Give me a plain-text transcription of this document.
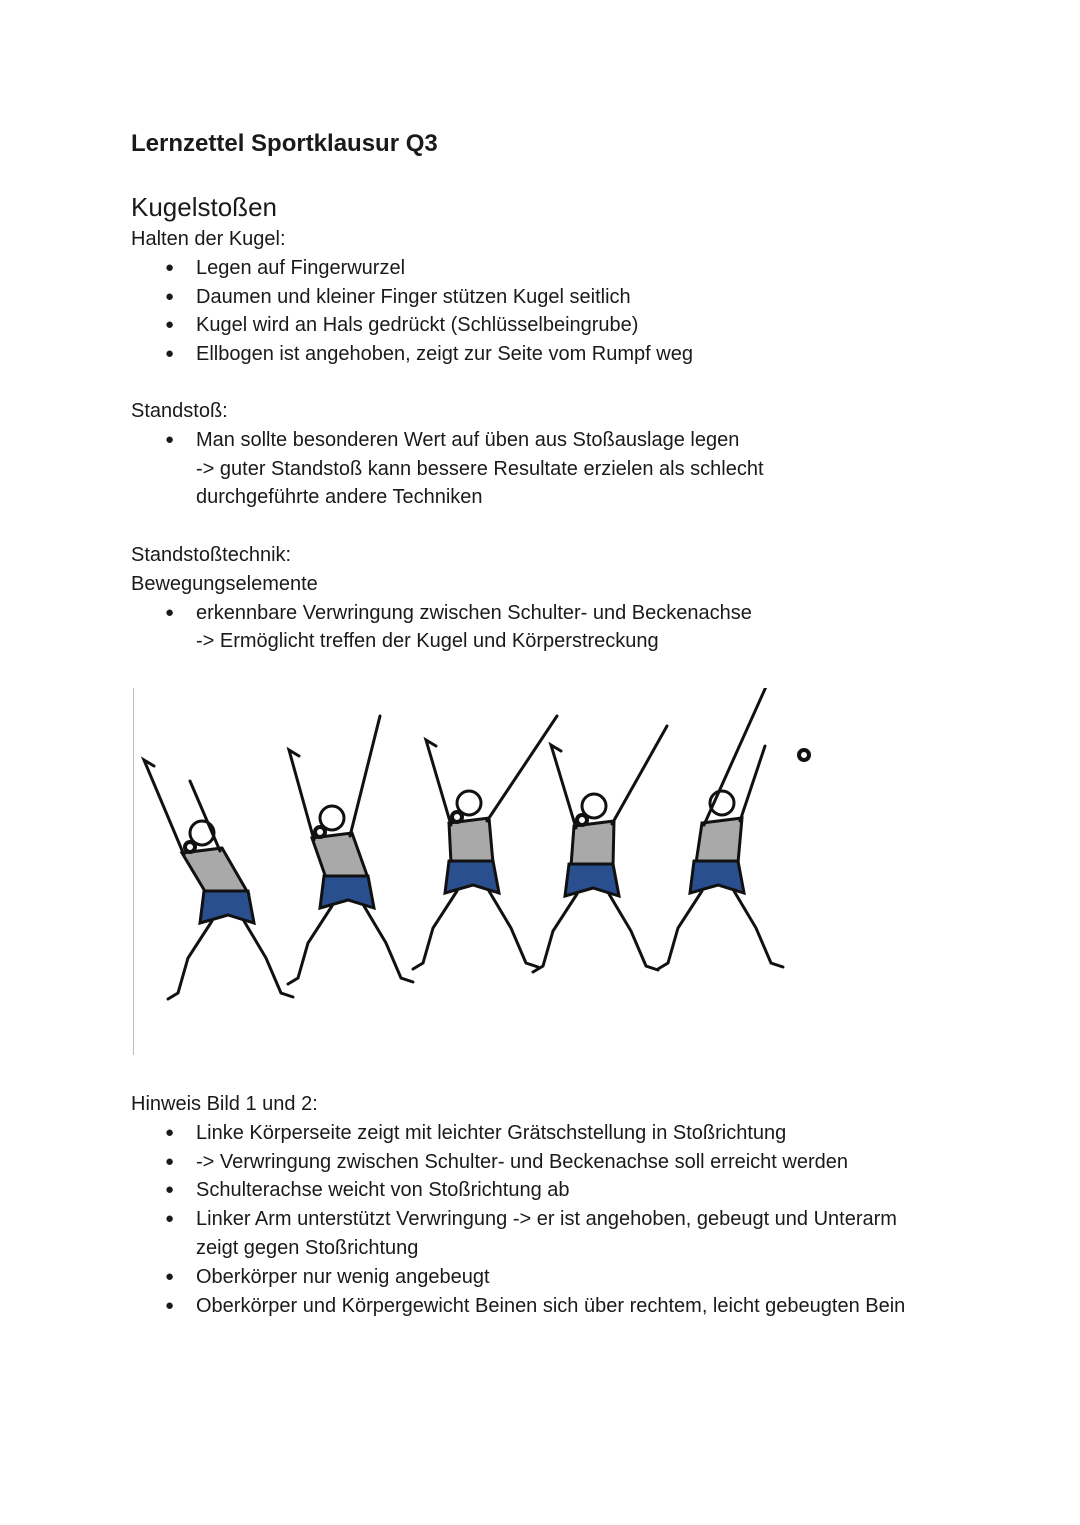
Lernzettel Sportklausur Q3
Kugelstoßen
Halten der Kugel:
● Legen auf Fingerwurzel
● Daumen und kleiner Finger stützen Kugel seitlich
● Kugel wird an Hals gedrückt (Schlüsselbeingrube)
● Ellbogen ist angehoben, zeigt zur Seite vom Rumpf weg
Standstoß:
● Man sollte besonderen Wert auf üben aus Stoßauslage legen
-> guter Standstoß kann bessere Resultate erzielen als schlecht durchgeführte andere Techniken
Standstoßtechnik:
Bewegungselemente
● erkennbare Verwringung zwischen Schulter- und Beckenachse
-> Ermöglicht treffen der Kugel und Körperstreckung
Hinweis Bild 1 und 2:
● Linke Körperseite zeigt mit leichter Grätschstellung in Stoßrichtung
● -> Verwringung zwischen Schulter- und Beckenachse soll erreicht werden
● Schulterachse weicht von Stoßrichtung ab
● Linker Arm unterstützt Verwringung -> er ist angehoben, gebeugt und Unterarm zeigt gegen Stoßrichtung
● Oberkörper nur wenig angebeugt
● Oberkörper und Körpergewicht Beinen sich über rechtem, leicht gebeugten Bein
